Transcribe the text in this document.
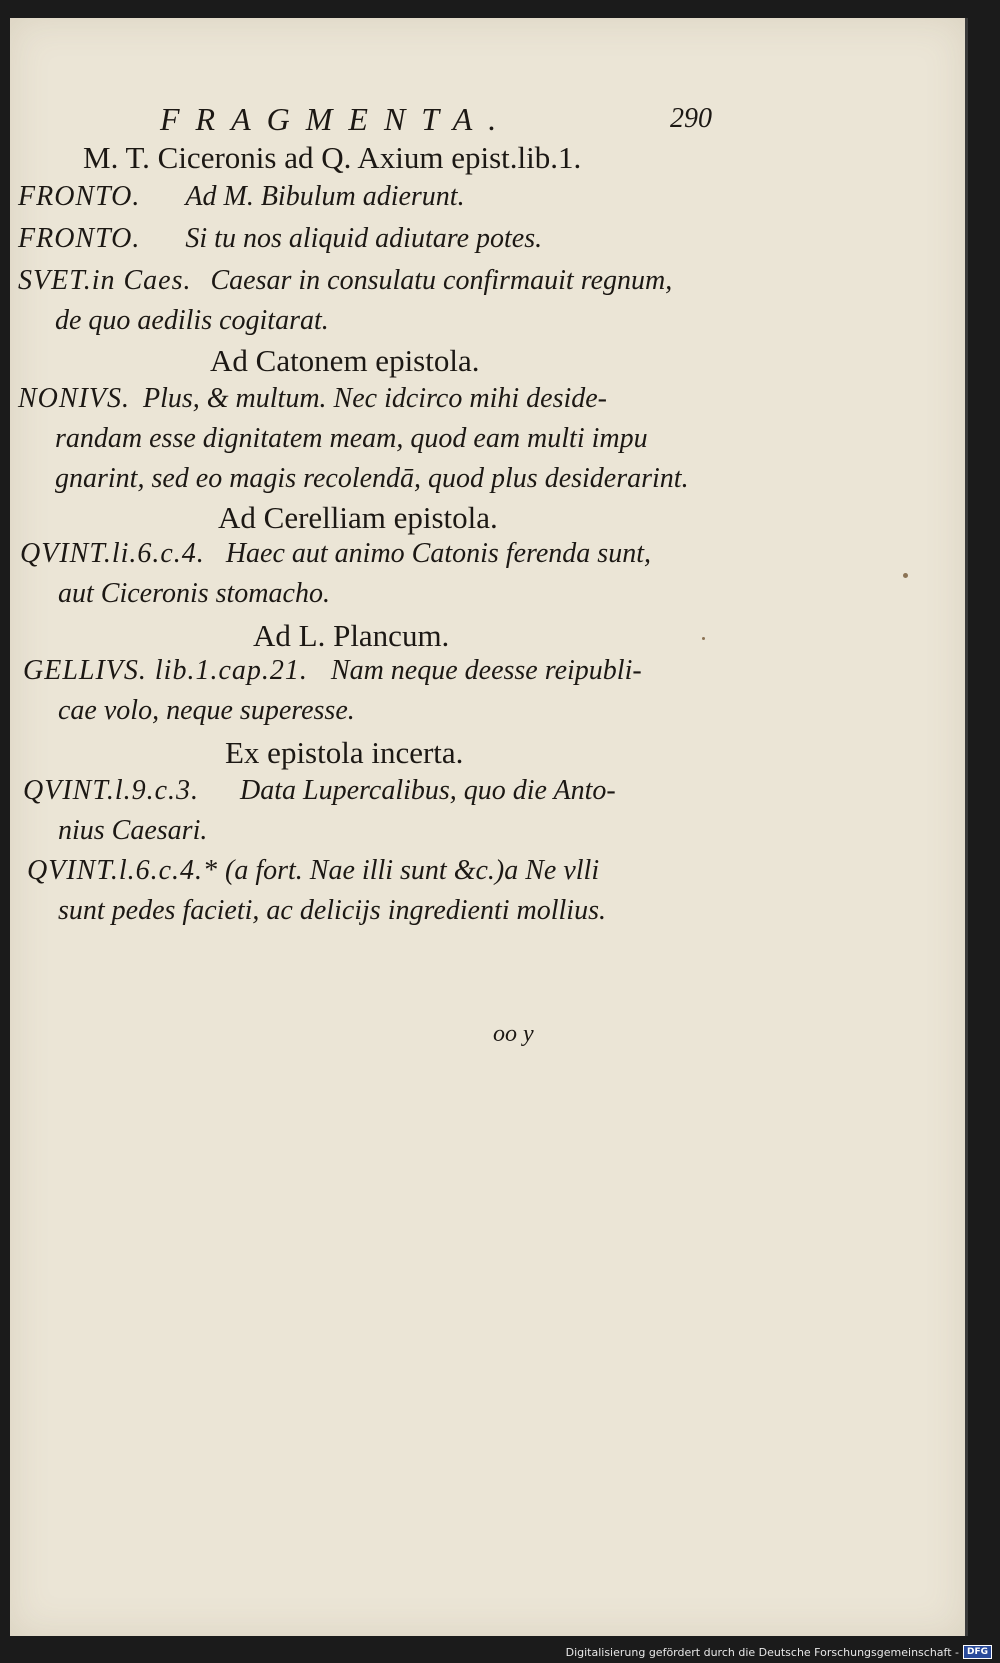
FRAGMENTA.	290
M. T. Ciceronis ad Q. Axium epist.lib.1.
FRONTO. Ad M. Bibulum adierunt.
FRONTO. Si tu nos aliquid adiutare potes.
SVET.in Caes. Caesar in consulatu confirmauit regnum,
de quo aedilis cogitarat.
Ad Catonem epistola.
NONIVS. Plus, & multum. Nec idcirco mihi deside-
randam esse dignitatem meam, quod eam multi impu
gnarint, sed eo magis recolendā, quod plus desiderarint.
Ad Cerelliam epistola.
QVINT.li.6.c.4. Haec aut animo Catonis ferenda sunt,
aut Ciceronis stomacho.
Ad L. Plancum.
GELLIVS. lib.1.cap.21. Nam neque deesse reipubli-
cae volo, neque superesse.
Ex epistola incerta.
QVINT.l.9.c.3. Data Lupercalibus, quo die Anto-
nius Caesari.
QVINT.l.6.c.4.* (a fort. Nae illi sunt &c.)a Ne vlli
sunt pedes facieti, ac delicijs ingredienti mollius.
oo y
Digitalisierung gefördert durch die Deutsche Forschungsgemeinschaft - DFG
